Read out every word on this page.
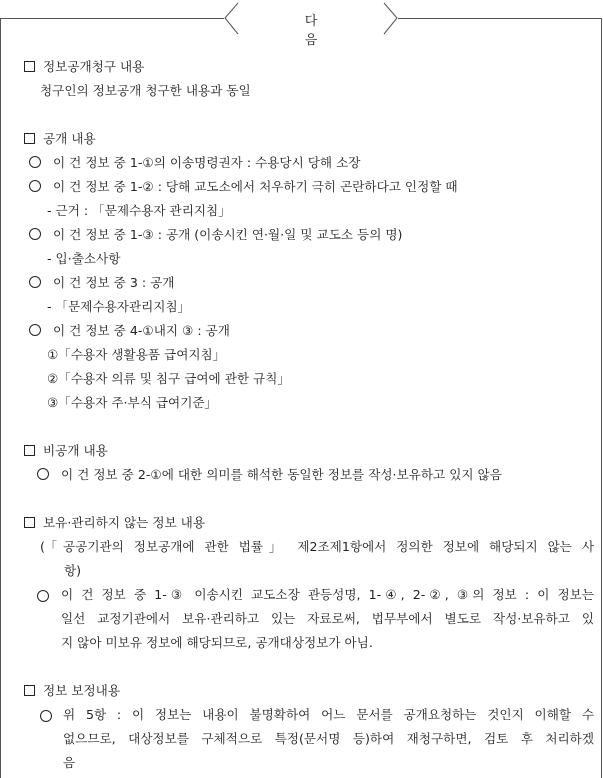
다 음
정보공개청구 내용
청구인의 정보공개 청구한 내용과 동일
공개 내용
이 건 정보 중 1-①의 이송명령권자 : 수용당시 당해 소장
이 건 정보 중 1-② : 당해 교도소에서 처우하기 극히 곤란하다고 인정할 때
- 근거 : 「문제수용자 관리지침」
이 건 정보 중 1-③ : 공개 (이송시킨 연·월·일 및 교도소 등의 명)
- 입·출소사항
이 건 정보 중 3 : 공개
- 「문제수용자관리지침」
이 건 정보 중 4-①내지 ③ : 공개
①「수용자 생활용품 급여지침」
②「수용자 의류 및 침구 급여에 관한 규칙」
③「수용자 주·부식 급여기준」
비공개 내용
이 건 정보 중 2-①에 대한 의미를 해석한 동일한 정보를 작성·보유하고 있지 않음
보유·관리하지 않는 정보 내용
(「공공기관의 정보공개에 관한 법률」 제2조제1항에서 정의한 정보에 해당되지 않는 사
항)
이 건 정보 중 1-③ 이송시킨 교도소장 관등성명, 1-④, 2-②, ③의 정보 : 이 정보는
일선 교정기관에서 보유·관리하고 있는 자료로써, 법무부에서 별도로 작성·보유하고 있
지 않아 미보유 정보에 해당되므로, 공개대상정보가 아님.
정보 보정내용
위 5항 : 이 정보는 내용이 불명확하여 어느 문서를 공개요청하는 것인지 이해할 수
없으므로, 대상정보를 구체적으로 특정(문서명 등)하여 재청구하면, 검토 후 처리하겠
음
